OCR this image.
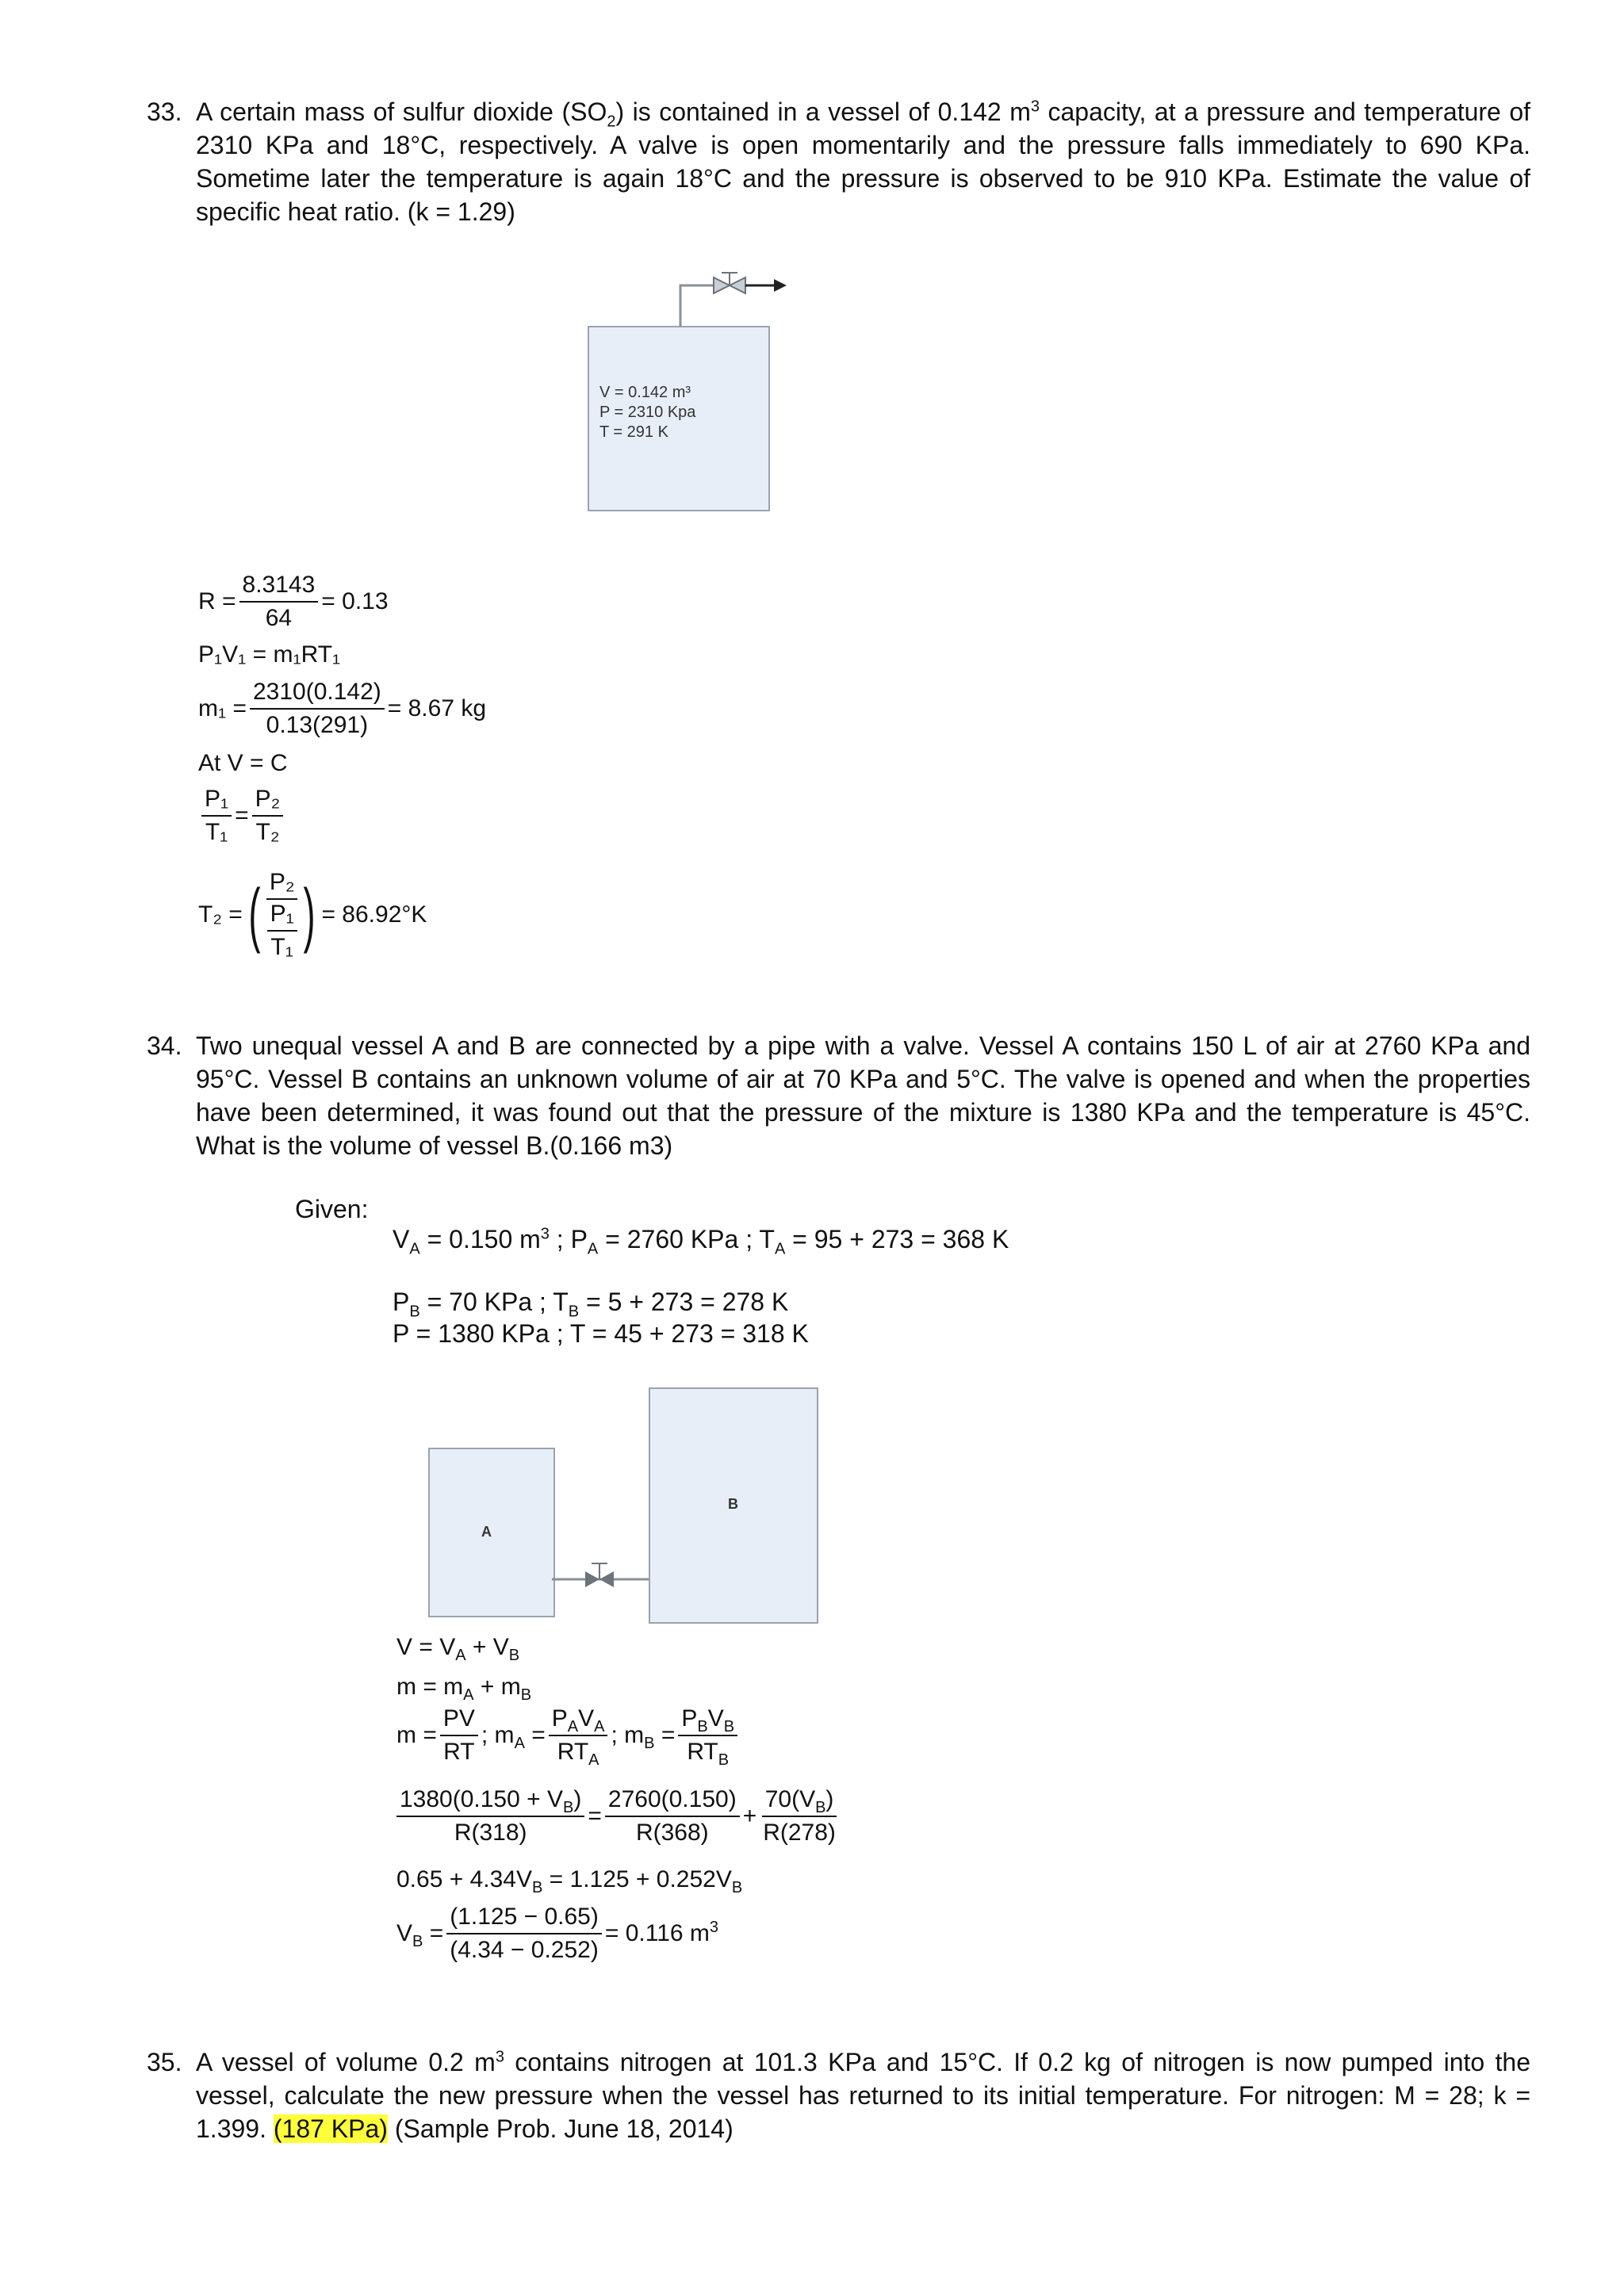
33. A certain mass of sulfur dioxide $(SO_2)$ is contained in a vessel of 0.142 $m^3$ capacity, at a pressure and temperature of 2310 KPa and 18°C, respectively. A valve is open momentarily and the pressure falls immediately to 690 KPa. Sometime later the temperature is again 18°C and the pressure is observed to be 910 KPa. Estimate the value of specific heat ratio. (k = 1.29)
V = 0.142 m³
P = 2310 Kpa
T = 291 K
$R = \frac{8.3143}{64} = 0.13$
P₁V₁ = m₁RT₁
$m_1 = \frac{2310(0.142)}{0.13(291)} = 8.67$ kg
At V = C
$\frac{\text{P₁}}{\text{T₁}} = \frac{\text{P₂}}{\text{T₂}}$
T₂ = ( $\frac{\text{P₂}}{\frac{\text{P₁}}{\text{T₁}}}$ ) = 86.92°K
34. Two unequal vessel A and B are connected by a pipe with a valve. Vessel A contains 150 L of air at 2760 KPa and 95°C. Vessel B contains an unknown volume of air at 70 KPa and 5°C. The valve is opened and when the properties have been determined, it was found out that the pressure of the mixture is 1380 KPa and the temperature is 45°C. What is the volume of vessel B.(0.166 m3)
Given:
$V_A = 0.150$ $m^3$ ; $P_A = 2760$ KPa ; $T_A = 95 + 273 = 368$ K
$P_B = 70$ KPa ; $T_B = 5 + 273 = 278$ K
P = 1380 KPa ; T = 45 + 273 = 318 K
A
B
$V = V_A + V_B$
$m = m_A + m_B$
$m = \frac{PV}{RT}$ ; $m_A = \frac{P_AV_A}{RT_A}$ ; $m_B = \frac{P_BV_B}{RT_B}$
$\frac{1380(0.150 + V_B)}{R(318)} = \frac{2760(0.150)}{R(368)} + \frac{70(V_B)}{R(278)}$
$0.65 + 4.34V_B = 1.125 + 0.252V_B$
$V_B = \frac{(1.125 - 0.65)}{(4.34 - 0.252)} = 0.116$ $m^3$
35. A vessel of volume 0.2 $m^3$ contains nitrogen at 101.3 KPa and 15°C. If 0.2 kg of nitrogen is now pumped into the vessel, calculate the new pressure when the vessel has returned to its initial temperature. For nitrogen: M = 28; k = 1.399. (187 KPa) (Sample Prob. June 18, 2014)
